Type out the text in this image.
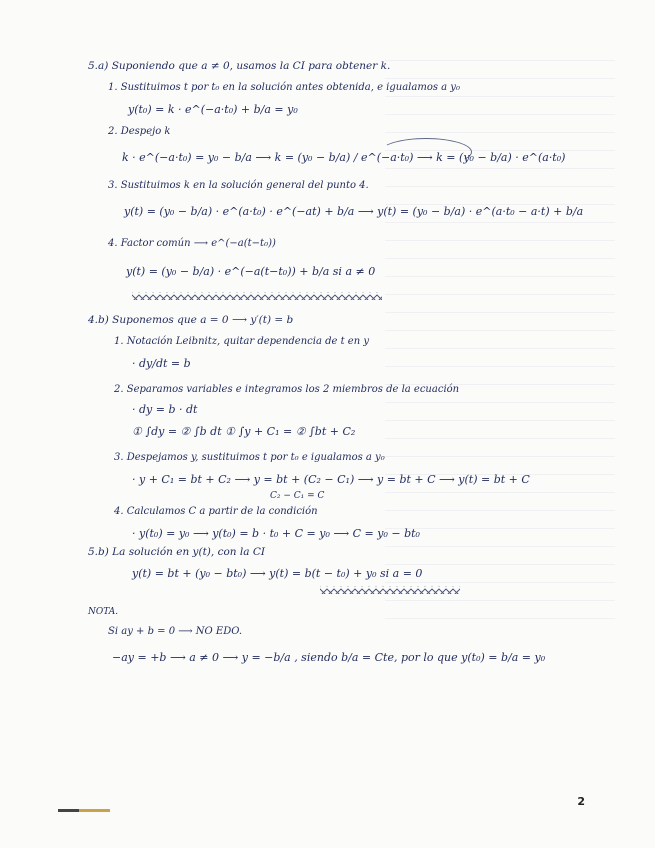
5.a) Suponiendo que a ≠ 0, usamos la CI para obtener k.
1. Sustituimos t por t₀ en la solución antes obtenida, e igualamos a y₀
y(t₀) = k · e^(−a·t₀) + b/a = y₀
2. Despejo k
k · e^(−a·t₀) = y₀ − b/a ⟶ k = (y₀ − b/a) / e^(−a·t₀) ⟶ k = (y₀ − b/a) · e^(a·t₀)
3. Sustituimos k en la solución general del punto 4.
y(t) = (y₀ − b/a) · e^(a·t₀) · e^(−at) + b/a ⟶ y(t) = (y₀ − b/a) · e^(a·t₀ − a·t) + b/a
4. Factor común ⟶ e^(−a(t−t₀))
y(t) = (y₀ − b/a) · e^(−a(t−t₀)) + b/a si a ≠ 0
4.b) Suponemos que a = 0 ⟶ y′(t) = b
1. Notación Leibnitz, quitar dependencia de t en y
· dy/dt = b
2. Separamos variables e integramos los 2 miembros de la ecuación
· dy = b · dt
① ∫dy = ② ∫b dt ① ∫y + C₁ = ② ∫bt + C₂
3. Despejamos y, sustituimos t por t₀ e igualamos a y₀
· y + C₁ = bt + C₂ ⟶ y = bt + (C₂ − C₁) ⟶ y = bt + C ⟶ y(t) = bt + C
C₂ − C₁ = C
4. Calculamos C a partir de la condición
· y(t₀) = y₀ ⟶ y(t₀) = b · t₀ + C = y₀ ⟶ C = y₀ − bt₀
5.b) La solución en y(t), con la CI
y(t) = bt + (y₀ − bt₀) ⟶ y(t) = b(t − t₀) + y₀ si a = 0
NOTA.
Si ay + b = 0 ⟶ NO EDO.
−ay = +b ⟶ a ≠ 0 ⟶ y = −b/a , siendo b/a = Cte, por lo que y(t₀) = b/a = y₀
2
